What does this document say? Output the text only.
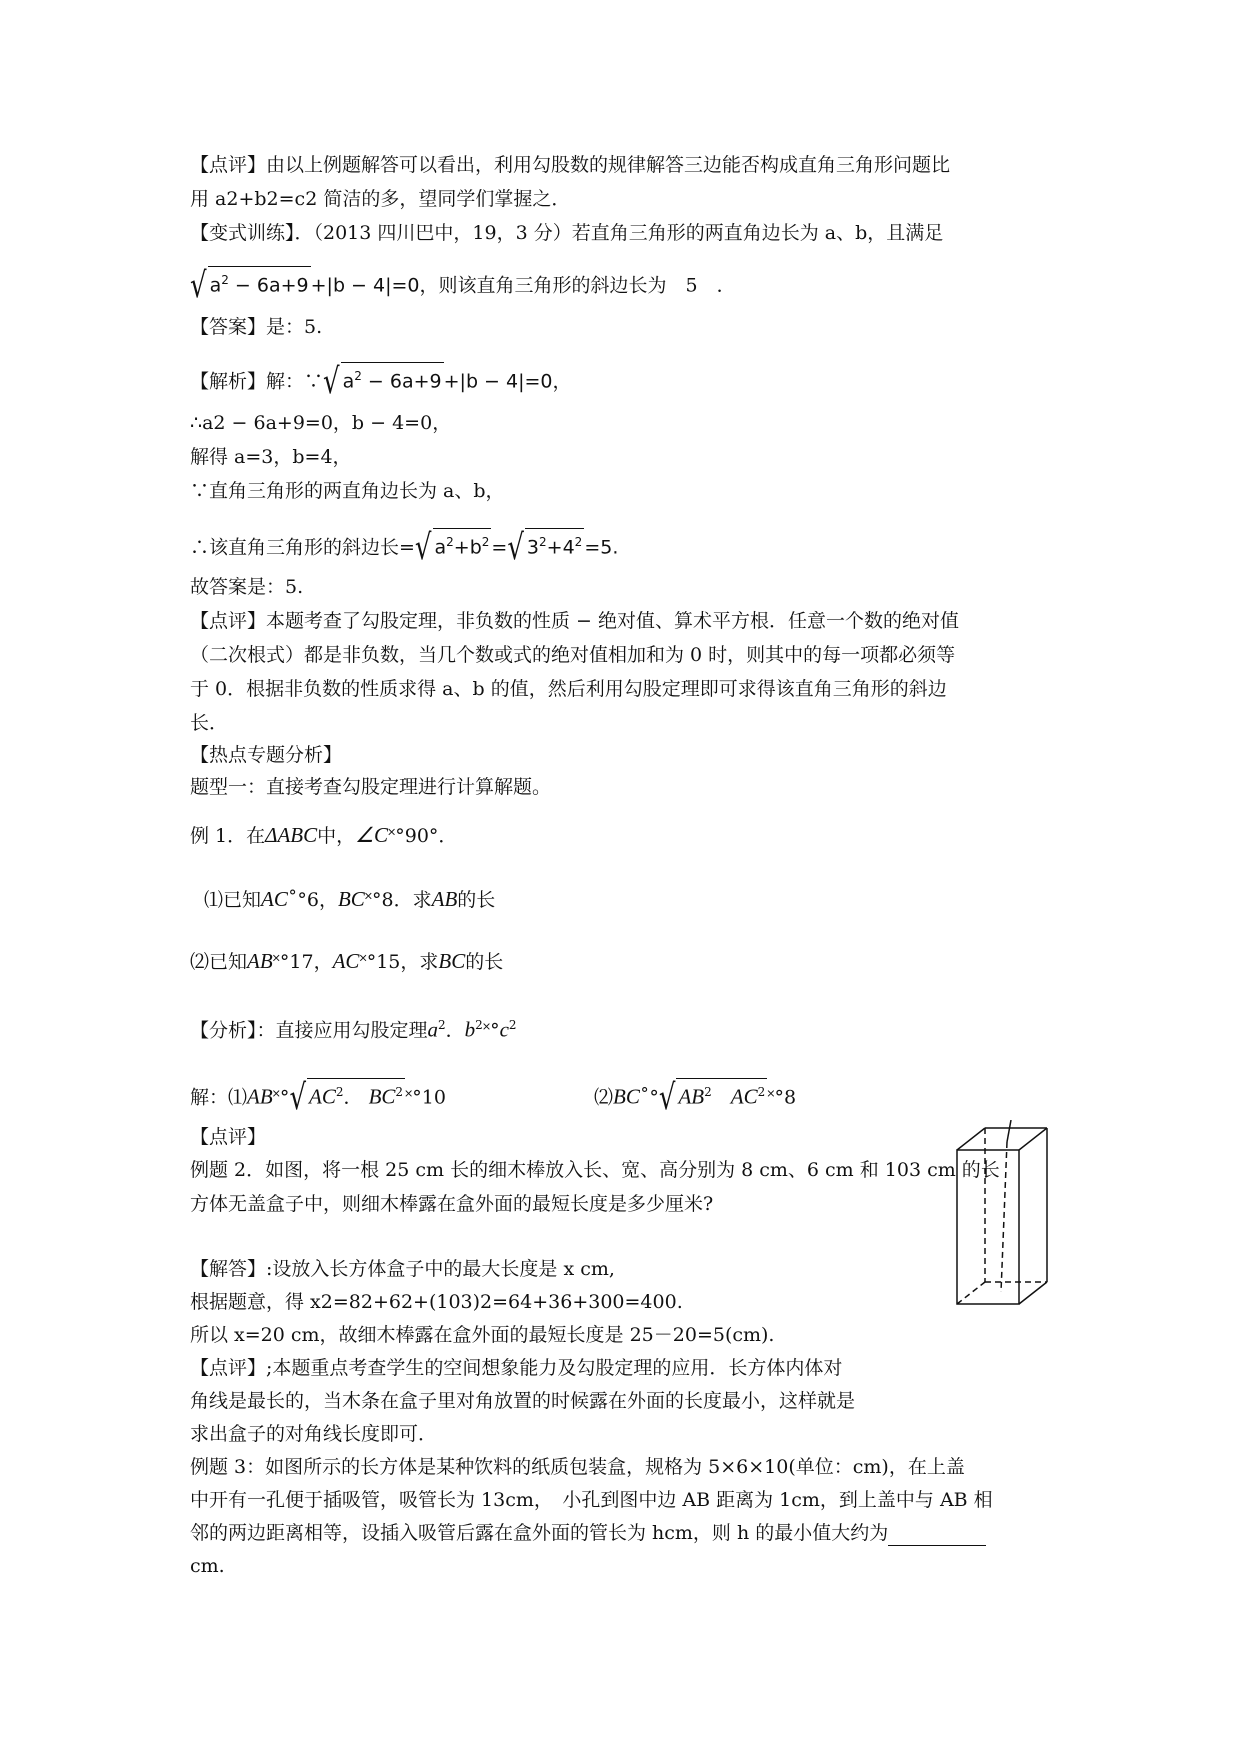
【点评】由以上例题解答可以看出，利用勾股数的规律解答三边能否构成直角三角形问题比
用 a2+b2=c2 简洁的多，望同学们掌握之．
【变式训练】．（2013 四川巴中，19，3 分）若直角三角形的两直角边长为 a、b，且满足
√ $a^2 - 6a+9 +|b - 4|=0$，则该直角三角形的斜边长为　5　．
【答案】是：5.
【解析】解：∵√ $a^2 - 6a+9 +|b - 4|=0$，
∴a2 − 6a+9=0，b − 4=0，
解得 a=3，b=4，
∵直角三角形的两直角边长为 a、b，
∴该直角三角形的斜边长=√ $a^2+b^2$ =√ $3^2+4^2 =5$.
故答案是：5.
【点评】本题考查了勾股定理，非负数的性质 − 绝对值、算术平方根．任意一个数的绝对值
（二次根式）都是非负数，当几个数或式的绝对值相加和为 0 时，则其中的每一项都必须等
于 0．根据非负数的性质求得 a、b 的值，然后利用勾股定理即可求得该直角三角形的斜边
长．
【热点专题分析】
题型一：直接考查勾股定理进行计算解题。
例 1．在ΔABC中，∠C˟°90°．
⑴已知AC˚°6，BC˟°8．求AB的长
⑵已知AB˟°17，AC˟°15，求BC的长
【分析】：直接应用勾股定理$a^2$．$b^2˟^\circ c^2$
解：⑴AB˟°√ $AC^2$． $BC^2$ ˟°10	⑵BC˚°√ $AB^2$　 $AC^2$ ˟°8
【点评】
例题 2．如图，将一根 25 cm 长的细木棒放入长、宽、高分别为 8 cm、6 cm 和 103 cm 的长
方体无盖盒子中，则细木棒露在盒外面的最短长度是多少厘米?
【解答】:设放入长方体盒子中的最大长度是 x cm,
根据题意，得 x2=82+62+(103)2=64+36+300=400.
所以 x=20 cm，故细木棒露在盒外面的最短长度是 25－20=5(cm).
【点评】;本题重点考查学生的空间想象能力及勾股定理的应用．长方体内体对
角线是最长的，当木条在盒子里对角放置的时候露在外面的长度最小，这样就是
求出盒子的对角线长度即可．
例题 3：如图所示的长方体是某种饮料的纸质包装盒，规格为 5×6×10(单位：cm)，在上盖
中开有一孔便于插吸管，吸管长为 13cm，　小孔到图中边 AB 距离为 1cm，到上盖中与 AB 相
邻的两边距离相等，设插入吸管后露在盒外面的管长为 hcm，则 h 的最小值大约为
cm.
